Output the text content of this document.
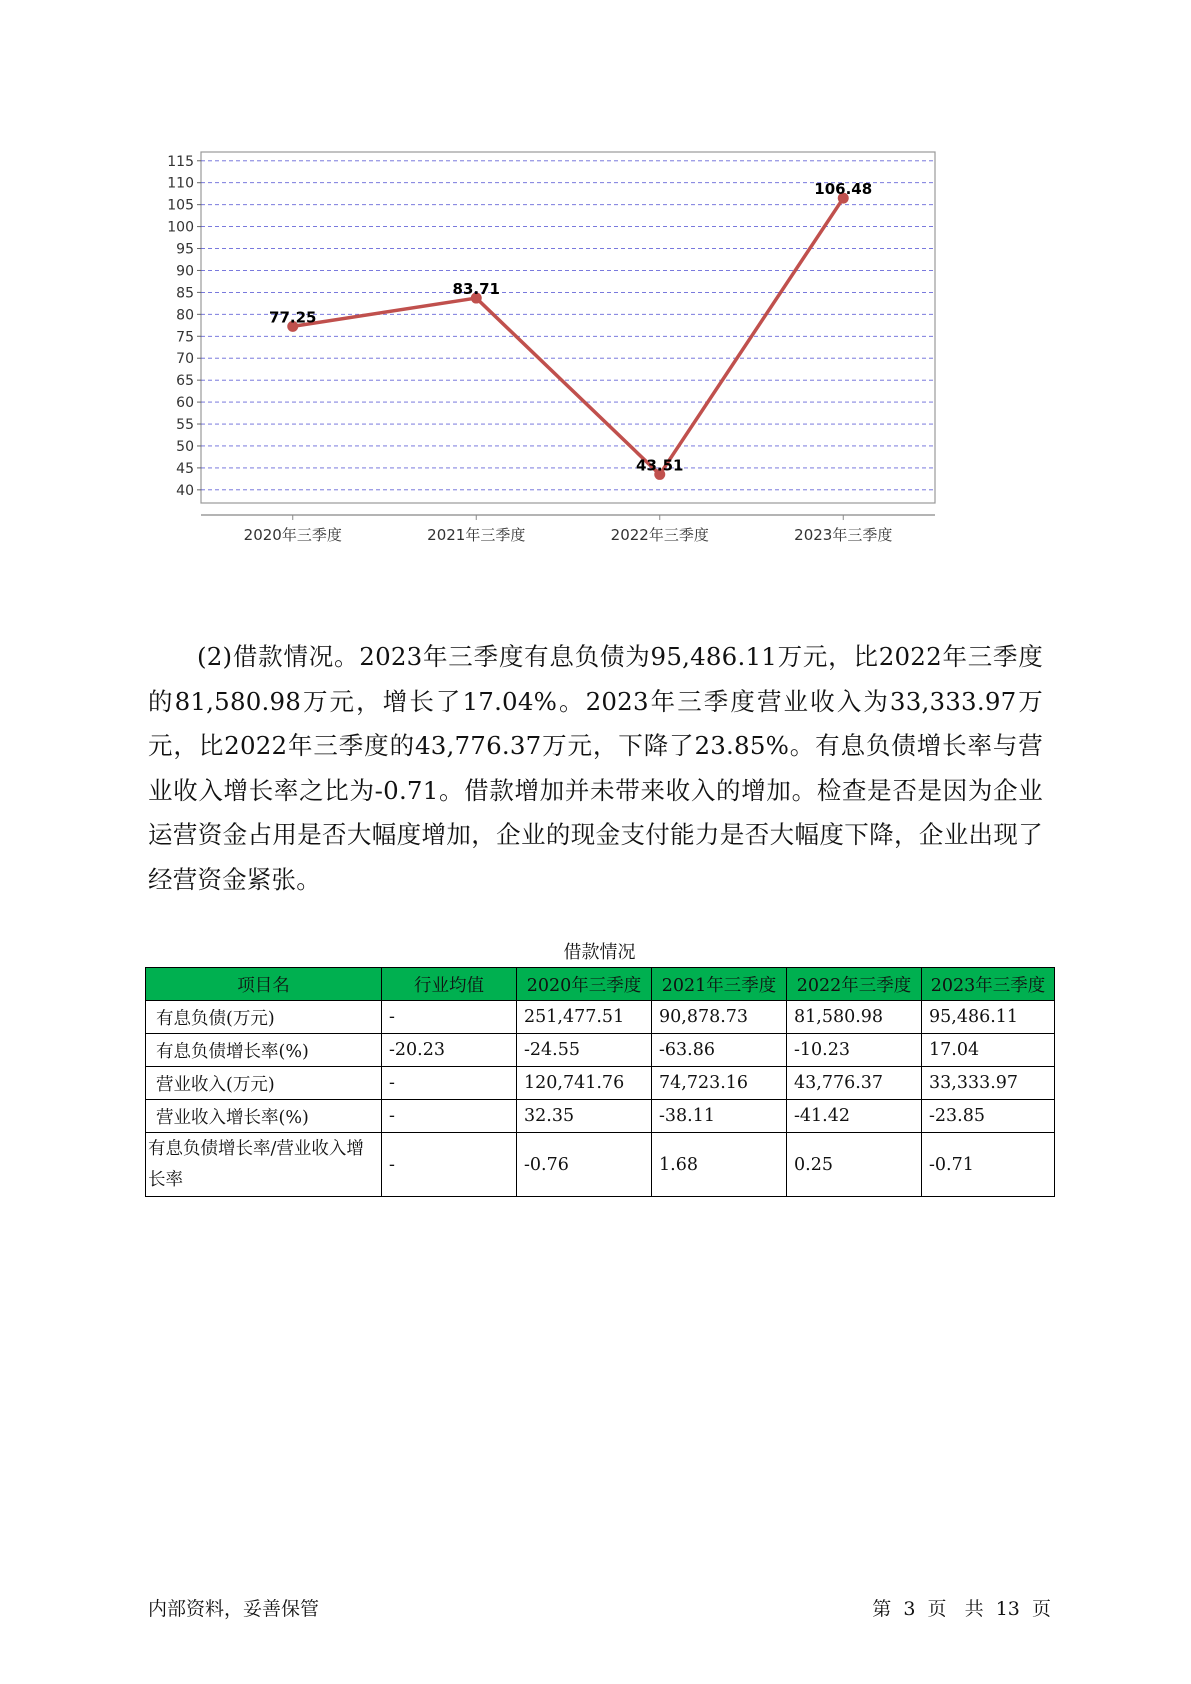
40
45
50
55
60
65
70
75
80
85
90
95
100
105
110
115
2020年三季度	2021年三季度	2022年三季度	2023年三季度
77.25
83.71
43.51
106.48
(2)借款情况。2023年三季度有息负债为95,486.11万元，比2022年三季度的81,580.98万元，增长了17.04%。2023年三季度营业收入为33,333.97万元，比2022年三季度的43,776.37万元，下降了23.85%。有息负债增长率与营业收入增长率之比为-0.71。借款增加并未带来收入的增加。检查是否是因为企业运营资金占用是否大幅度增加，企业的现金支付能力是否大幅度下降，企业出现了经营资金紧张。
借款情况
项目名	行业均值	2020年三季度	2021年三季度	2022年三季度	2023年三季度
有息负债(万元)	-	251,477.51	90,878.73	81,580.98	95,486.11
有息负债增长率(%)	-20.23	-24.55	-63.86	-10.23	17.04
营业收入(万元)	-	120,741.76	74,723.16	43,776.37	33,333.97
营业收入增长率(%)	-	32.35	-38.11	-41.42	-23.85
有息负债增长率/营业收入增长率	-	-0.76	1.68	0.25	-0.71
内部资料，妥善保管	第  3  页   共  13  页
